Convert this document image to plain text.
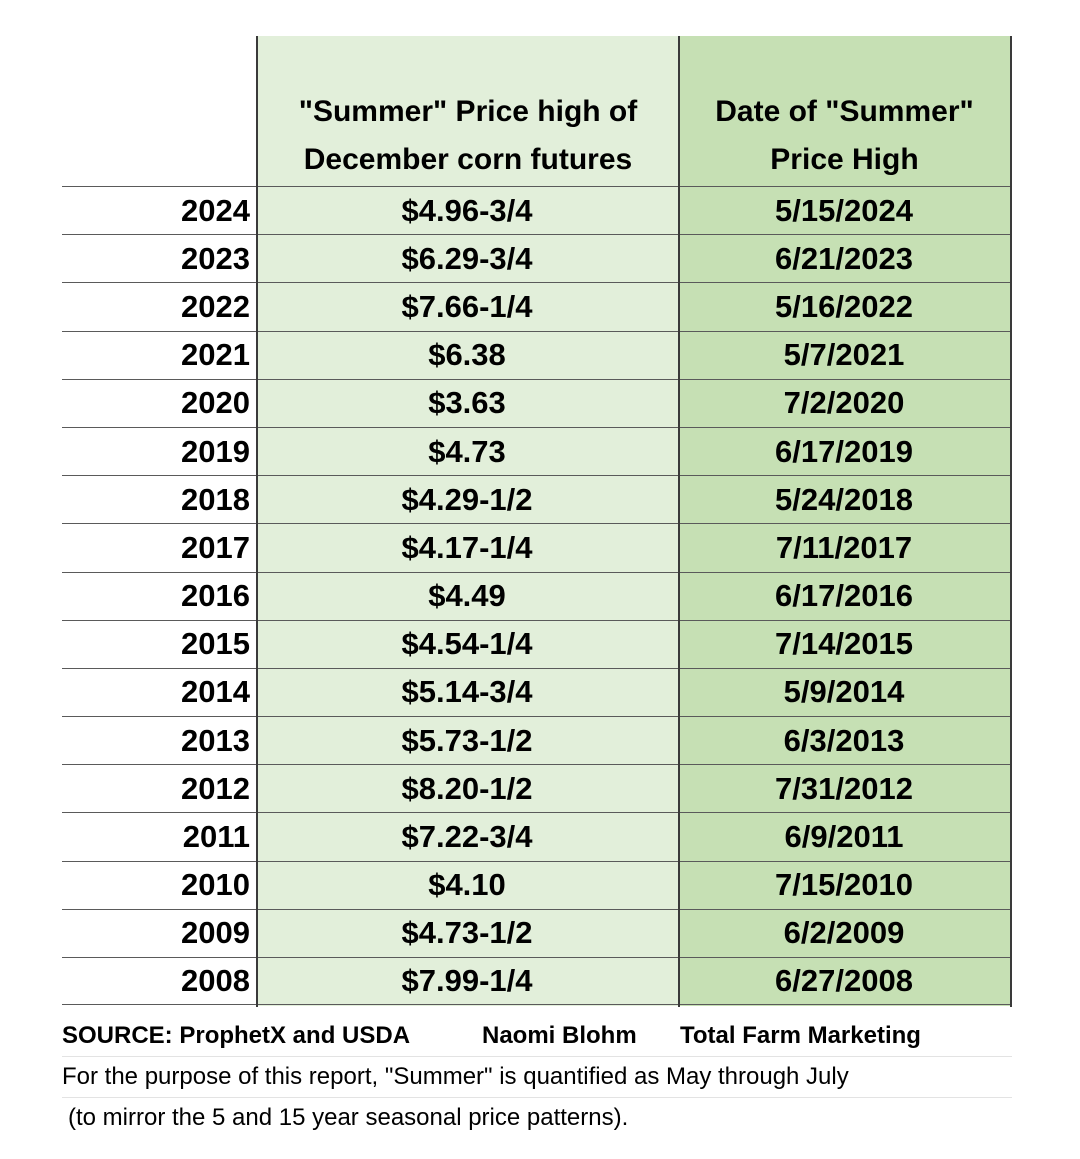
"Summer" Price high of
December corn futures
Date of "Summer"
Price High
2024	$4.96-3/4	5/15/2024
2023	$6.29-3/4	6/21/2023
2022	$7.66-1/4	5/16/2022
2021	$6.38	5/7/2021
2020	$3.63	7/2/2020
2019	$4.73	6/17/2019
2018	$4.29-1/2	5/24/2018
2017	$4.17-1/4	7/11/2017
2016	$4.49	6/17/2016
2015	$4.54-1/4	7/14/2015
2014	$5.14-3/4	5/9/2014
2013	$5.73-1/2	6/3/2013
2012	$8.20-1/2	7/31/2012
2011	$7.22-3/4	6/9/2011
2010	$4.10	7/15/2010
2009	$4.73-1/2	6/2/2009
2008	$7.99-1/4	6/27/2008
SOURCE: ProphetX and USDA	Naomi Blohm Total Farm Marketing
For the purpose of this report, "Summer" is quantified as May through July
(to mirror the 5 and 15 year seasonal price patterns).
